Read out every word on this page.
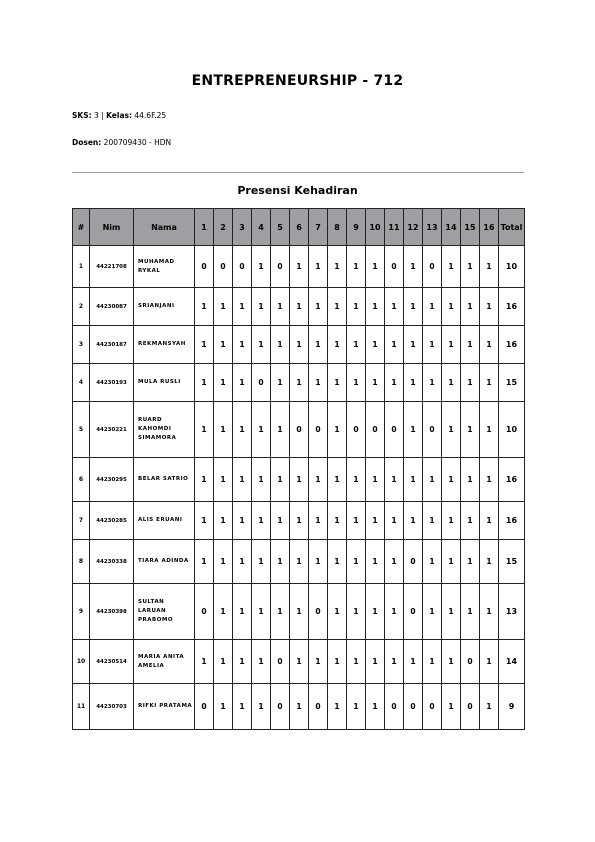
ENTREPRENEURSHIP - 712
SKS: 3 | Kelas: 44.6F.25
Dosen: 200709430 - HDN
Presensi Kehadiran
#	Nim	Nama	1	2	3	4	5	6	7	8	9	10	11	12	13	14	15	16	Total
1	44221708	MUHAMAD RYKAL	0	0	0	1	0	1	1	1	1	1	0	1	0	1	1	1	10
2	44230087	SRIANJANI	1	1	1	1	1	1	1	1	1	1	1	1	1	1	1	1	16
3	44230187	REKMANSYAH	1	1	1	1	1	1	1	1	1	1	1	1	1	1	1	1	16
4	44230193	MULA RUSLI	1	1	1	0	1	1	1	1	1	1	1	1	1	1	1	1	15
5	44230221	RUARD KAHOMDI SIMAMORA	1	1	1	1	1	0	0	1	0	0	0	1	0	1	1	1	10
6	44230295	BELAR SATRIO	1	1	1	1	1	1	1	1	1	1	1	1	1	1	1	1	16
7	44230285	ALIS ERUANI	1	1	1	1	1	1	1	1	1	1	1	1	1	1	1	1	16
8	44230338	TIARA ADINDA	1	1	1	1	1	1	1	1	1	1	1	0	1	1	1	1	15
9	44230398	SULTAN LARUAN PRABOMO	0	1	1	1	1	1	0	1	1	1	1	0	1	1	1	1	13
10	44230514	MARIA ANITA AMELIA	1	1	1	1	0	1	1	1	1	1	1	1	1	1	0	1	14
11	44230703	RIFKI PRATAMA	0	1	1	1	0	1	0	1	1	1	0	0	0	1	0	1	9
